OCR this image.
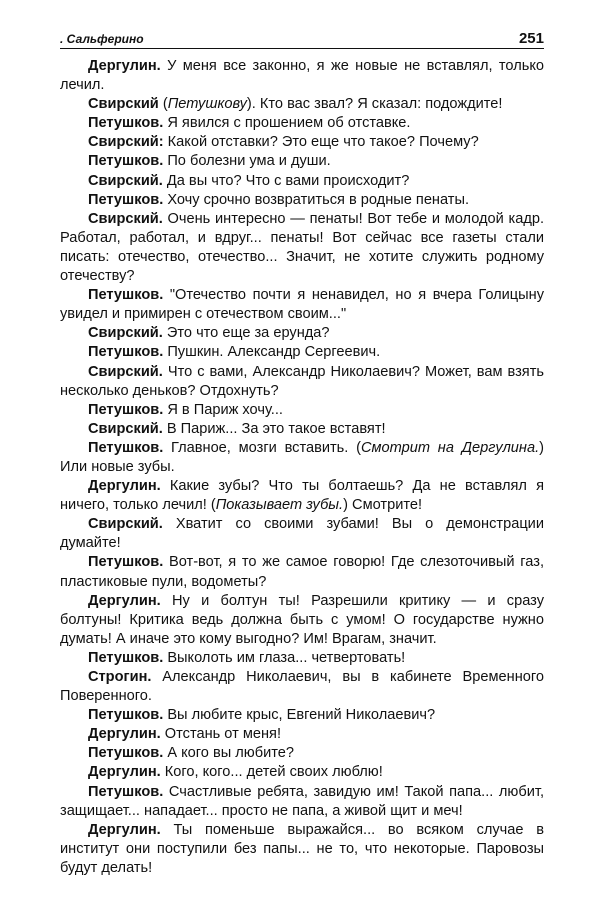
. Сальферино	251

Дергулин. У меня все законно, я же новые не вставлял, только лечил.

Свирский (Петушкову). Кто вас звал? Я сказал: подождите!

Петушков. Я явился с прошением об отставке.

Свирский: Какой отставки? Это еще что такое? Почему?

Петушков. По болезни ума и души.

Свирский. Да вы что? Что с вами происходит?

Петушков. Хочу срочно возвратиться в родные пенаты.

Свирский. Очень интересно — пенаты! Вот тебе и молодой кадр. Работал, работал, и вдруг... пенаты! Вот сейчас все газеты стали писать: отечество, отечество... Значит, не хотите служить родному отечеству?

Петушков. "Отечество почти я ненавидел, но я вчера Голицыну увидел и примирен с отечеством своим..."

Свирский. Это что еще за ерунда?

Петушков. Пушкин. Александр Сергеевич.

Свирский. Что с вами, Александр Николаевич? Может, вам взять несколько деньков? Отдохнуть?

Петушков. Я в Париж хочу...

Свирский. В Париж... За это такое вставят!

Петушков. Главное, мозги вставить. (Смотрит на Дергулина.) Или новые зубы.

Дергулин. Какие зубы? Что ты болтаешь? Да не вставлял я ничего, только лечил! (Показывает зубы.) Смотрите!

Свирский. Хватит со своими зубами! Вы о демонстрации думайте!

Петушков. Вот-вот, я то же самое говорю! Где слезоточивый газ, пластиковые пули, водометы?

Дергулин. Ну и болтун ты! Разрешили критику — и сразу болтуны! Критика ведь должна быть с умом! О государстве нужно думать! А иначе это кому выгодно? Им! Врагам, значит.

Петушков. Выколоть им глаза... четвертовать!

Строгин. Александр Николаевич, вы в кабинете Временного Поверенного.

Петушков. Вы любите крыс, Евгений Николаевич?

Дергулин. Отстань от меня!

Петушков. А кого вы любите?

Дергулин. Кого, кого... детей своих люблю!

Петушков. Счастливые ребята, завидую им! Такой папа... любит, защищает... нападает... просто не папа, а живой щит и меч!

Дергулин. Ты поменьше выражайся... во всяком случае в институт они поступили без папы... не то, что некоторые. Паровозы будут делать!
